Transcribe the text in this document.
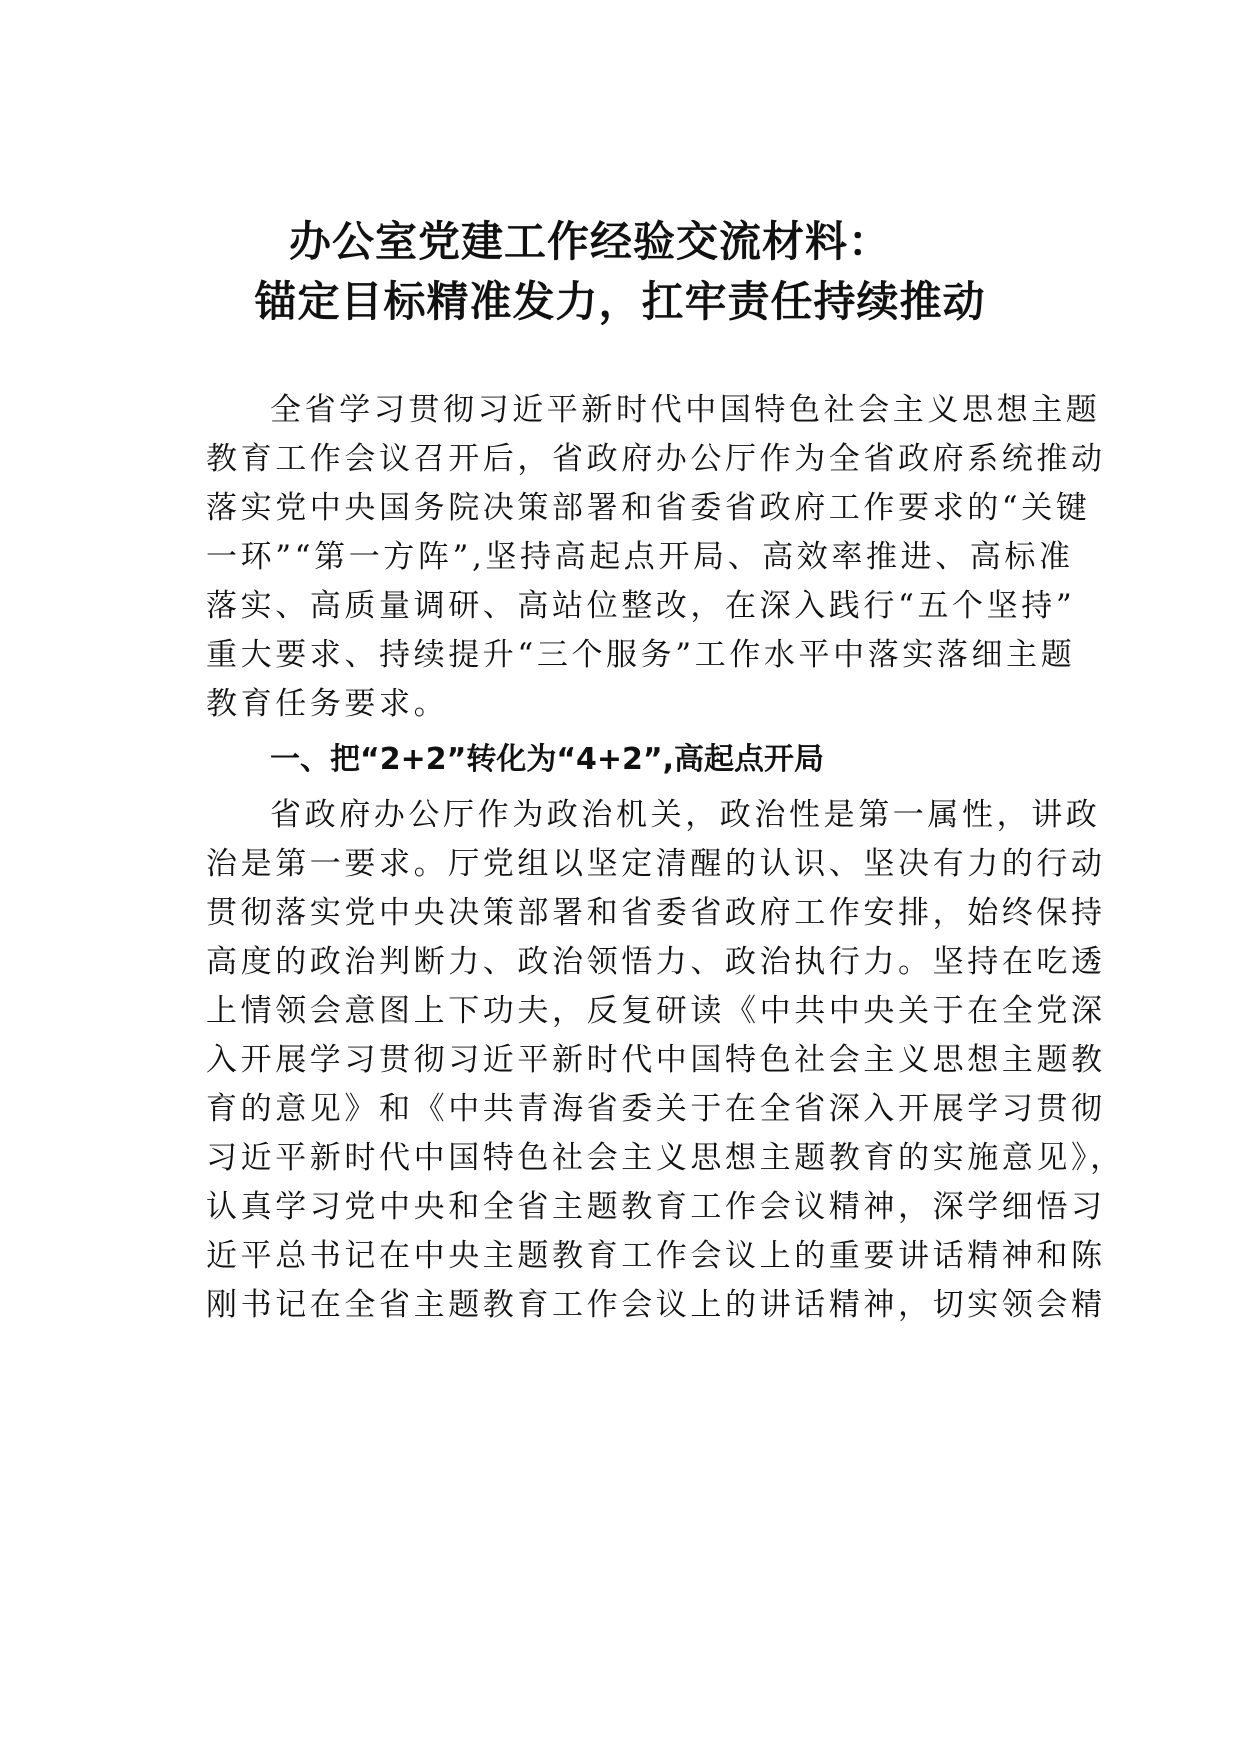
办公室党建工作经验交流材料：
锚定目标精准发力，扛牢责任持续推动
全省学习贯彻习近平新时代中国特色社会主义思想主题
教育工作会议召开后，省政府办公厅作为全省政府系统推动
落实党中央国务院决策部署和省委省政府工作要求的“关键
一环”“第一方阵”,坚持高起点开局、高效率推进、高标准
落实、高质量调研、高站位整改，在深入践行“五个坚持”
重大要求、持续提升“三个服务”工作水平中落实落细主题
教育任务要求。
一、把“2+2”转化为“4+2”,高起点开局
省政府办公厅作为政治机关，政治性是第一属性，讲政
治是第一要求。厅党组以坚定清醒的认识、坚决有力的行动
贯彻落实党中央决策部署和省委省政府工作安排，始终保持
高度的政治判断力、政治领悟力、政治执行力。坚持在吃透
上情领会意图上下功夫，反复研读《中共中央关于在全党深
入开展学习贯彻习近平新时代中国特色社会主义思想主题教
育的意见》和《中共青海省委关于在全省深入开展学习贯彻
习近平新时代中国特色社会主义思想主题教育的实施意见》，
认真学习党中央和全省主题教育工作会议精神，深学细悟习
近平总书记在中央主题教育工作会议上的重要讲话精神和陈
刚书记在全省主题教育工作会议上的讲话精神，切实领会精
